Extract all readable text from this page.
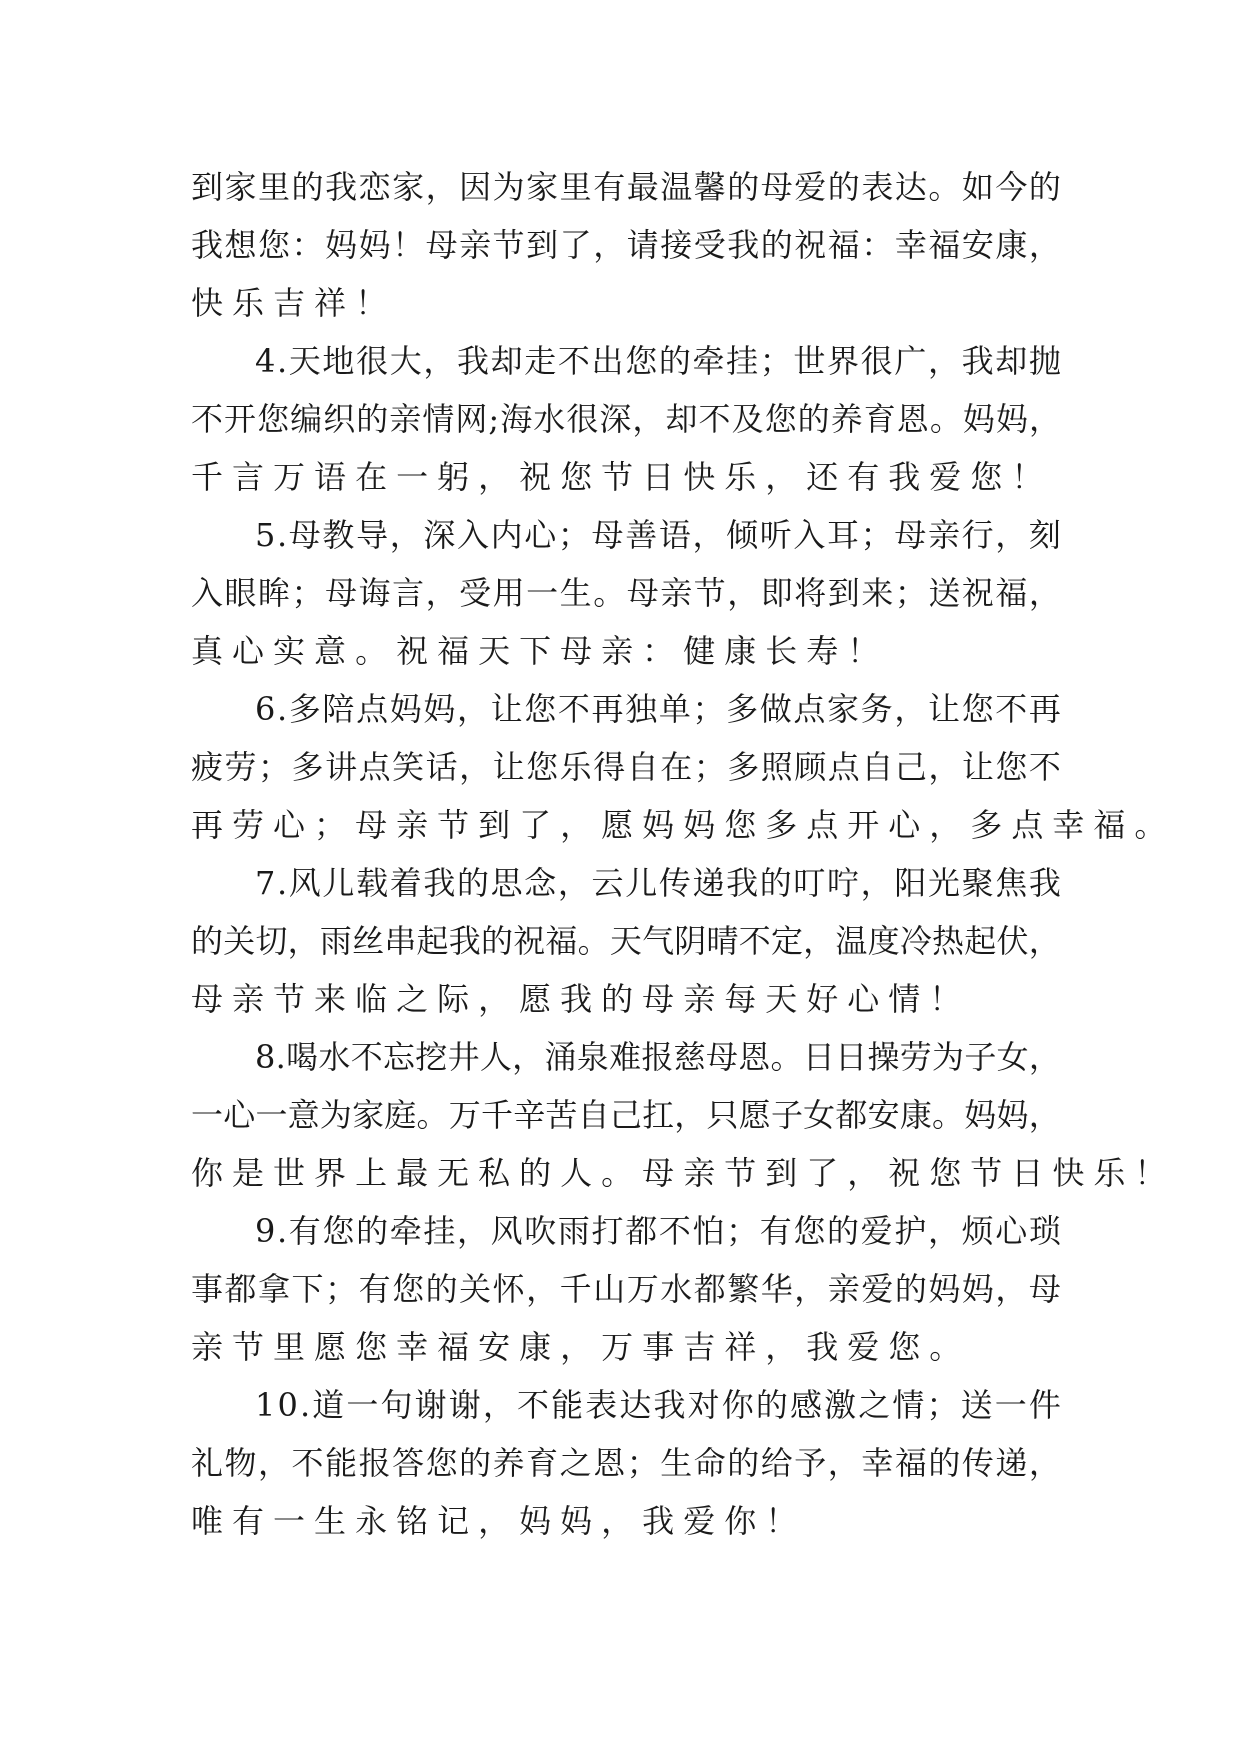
到 家 里 的 我 恋 家 ， 因 为 家 里 有 最 温 馨 的 母 爱 的 表 达 。 如 今 的
我 想 您 ： 妈 妈 ！ 母 亲 节 到 了 ， 请 接 受 我 的 祝 福 ： 幸 福 安 康 ，
快 乐 吉 祥 ！
4 . 天 地 很 大 ， 我 却 走 不 出 您 的 牵 挂 ； 世 界 很 广 ， 我 却 抛
不 开 您 编 织 的 亲 情 网 ; 海 水 很 深 ， 却 不 及 您 的 养 育 恩 。 妈 妈 ，
千 言 万 语 在 一 躬 ， 祝 您 节 日 快 乐 ， 还 有 我 爱 您 ！
5 . 母 教 导 ， 深 入 内 心 ； 母 善 语 ， 倾 听 入 耳 ； 母 亲 行 ， 刻
入 眼 眸 ； 母 诲 言 ， 受 用 一 生 。 母 亲 节 ， 即 将 到 来 ； 送 祝 福 ，
真 心 实 意 。 祝 福 天 下 母 亲 ： 健 康 长 寿 ！
6 . 多 陪 点 妈 妈 ， 让 您 不 再 独 单 ； 多 做 点 家 务 ， 让 您 不 再
疲 劳 ； 多 讲 点 笑 话 ， 让 您 乐 得 自 在 ； 多 照 顾 点 自 己 ， 让 您 不
再 劳 心 ； 母 亲 节 到 了 ， 愿 妈 妈 您 多 点 开 心 ， 多 点 幸 福 。
7 . 风 儿 载 着 我 的 思 念 ， 云 儿 传 递 我 的 叮 咛 ， 阳 光 聚 焦 我
的 关 切 ， 雨 丝 串 起 我 的 祝 福 。 天 气 阴 晴 不 定 ， 温 度 冷 热 起 伏 ，
母 亲 节 来 临 之 际 ， 愿 我 的 母 亲 每 天 好 心 情 ！
8 . 喝 水 不 忘 挖 井 人 ， 涌 泉 难 报 慈 母 恩 。 日 日 操 劳 为 子 女 ，
一 心 一 意 为 家 庭 。 万 千 辛 苦 自 己 扛 ， 只 愿 子 女 都 安 康 。 妈 妈 ，
你 是 世 界 上 最 无 私 的 人 。 母 亲 节 到 了 ， 祝 您 节 日 快 乐 ！
9 . 有 您 的 牵 挂 ， 风 吹 雨 打 都 不 怕 ； 有 您 的 爱 护 ， 烦 心 琐
事 都 拿 下 ； 有 您 的 关 怀 ， 千 山 万 水 都 繁 华 ， 亲 爱 的 妈 妈 ， 母
亲 节 里 愿 您 幸 福 安 康 ， 万 事 吉 祥 ， 我 爱 您 。
1 0 . 道 一 句 谢 谢 ， 不 能 表 达 我 对 你 的 感 激 之 情 ； 送 一 件
礼 物 ， 不 能 报 答 您 的 养 育 之 恩 ； 生 命 的 给 予 ， 幸 福 的 传 递 ，
唯 有 一 生 永 铭 记 ， 妈 妈 ， 我 爱 你 ！
